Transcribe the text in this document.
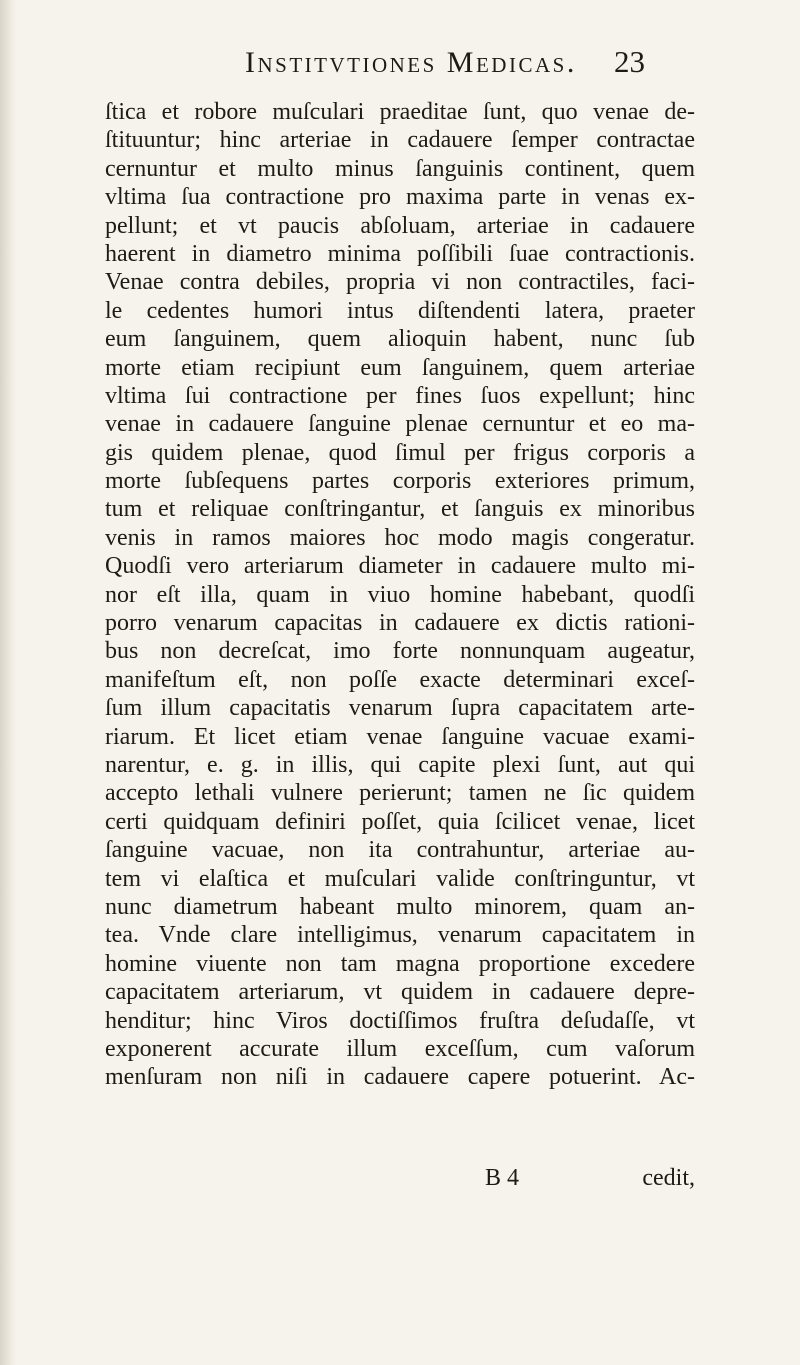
Institvtiones Medicas. 23
ſtica et robore muſculari praeditae ſunt, quo venae de-
ſtituuntur; hinc arteriae in cadauere ſemper contractae
cernuntur et multo minus ſanguinis continent, quem
vltima ſua contractione pro maxima parte in venas ex-
pellunt; et vt paucis abſoluam, arteriae in cadauere
haerent in diametro minima poſſibili ſuae contractionis.
Venae contra debiles, propria vi non contractiles, faci-
le cedentes humori intus diſtendenti latera, praeter
eum ſanguinem, quem alioquin habent, nunc ſub
morte etiam recipiunt eum ſanguinem, quem arteriae
vltima ſui contractione per fines ſuos expellunt; hinc
venae in cadauere ſanguine plenae cernuntur et eo ma-
gis quidem plenae, quod ſimul per frigus corporis a
morte ſubſequens partes corporis exteriores primum,
tum et reliquae conſtringantur, et ſanguis ex minoribus
venis in ramos maiores hoc modo magis congeratur.
Quodſi vero arteriarum diameter in cadauere multo mi-
nor eſt illa, quam in viuo homine habebant, quodſi
porro venarum capacitas in cadauere ex dictis rationi-
bus non decreſcat, imo forte nonnunquam augeatur,
manifeſtum eſt, non poſſe exacte determinari exceſ-
ſum illum capacitatis venarum ſupra capacitatem arte-
riarum. Et licet etiam venae ſanguine vacuae exami-
narentur, e. g. in illis, qui capite plexi ſunt, aut qui
accepto lethali vulnere perierunt; tamen ne ſic quidem
certi quidquam definiri poſſet, quia ſcilicet venae, licet
ſanguine vacuae, non ita contrahuntur, arteriae au-
tem vi elaſtica et muſculari valide conſtringuntur, vt
nunc diametrum habeant multo minorem, quam an-
tea. Vnde clare intelligimus, venarum capacitatem in
homine viuente non tam magna proportione excedere
capacitatem arteriarum, vt quidem in cadauere depre-
henditur; hinc Viros doctiſſimos fruſtra deſudaſſe, vt
exponerent accurate illum exceſſum, cum vaſorum
menſuram non niſi in cadauere capere potuerint. Ac-
B 4	cedit,
